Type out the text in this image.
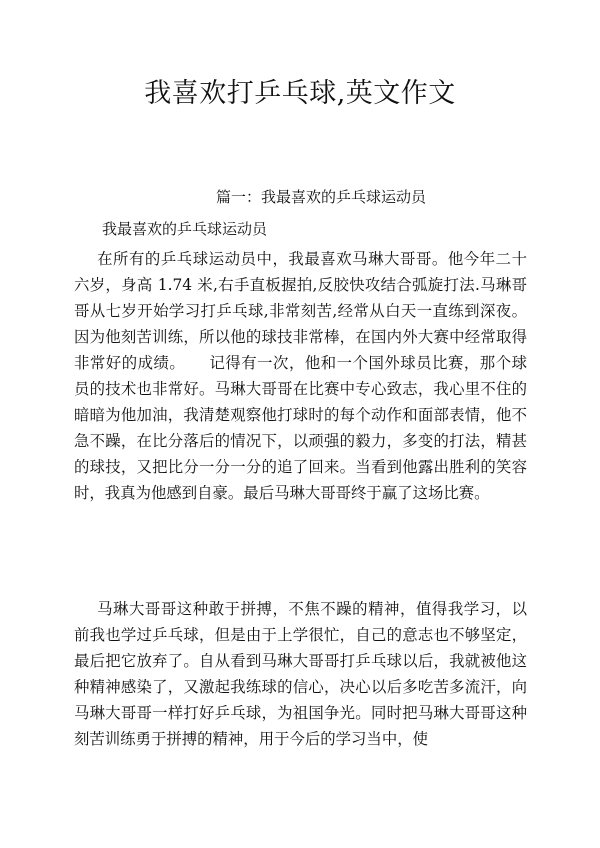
我喜欢打乒乓球,英文作文
篇一：我最喜欢的乒乓球运动员
我最喜欢的乒乓球运动员

在所有的乒乓球运动员中，我最喜欢马琳大哥哥。他今年二十六岁，身高 1.74 米,右手直板握拍,反胶快攻结合弧旋打法.马琳哥哥从七岁开始学习打乒乓球,非常刻苦,经常从白天一直练到深夜。因为他刻苦训练，所以他的球技非常棒，在国内外大赛中经常取得非常好的成绩。　　记得有一次，他和一个国外球员比赛，那个球员的技术也非常好。马琳大哥哥在比赛中专心致志，我心里不住的暗暗为他加油，我清楚观察他打球时的每个动作和面部表情，他不急不躁，在比分落后的情况下，以顽强的毅力，多变的打法，精甚的球技，又把比分一分一分的追了回来。当看到他露出胜利的笑容时，我真为他感到自豪。最后马琳大哥哥终于赢了这场比赛。

马琳大哥哥这种敢于拼搏，不焦不躁的精神，值得我学习，以前我也学过乒乓球，但是由于上学很忙，自己的意志也不够坚定，最后把它放弃了。自从看到马琳大哥哥打乒乓球以后，我就被他这种精神感染了，又激起我练球的信心，决心以后多吃苦多流汗，向马琳大哥哥一样打好乒乓球，为祖国争光。同时把马琳大哥哥这种刻苦训练勇于拼搏的精神，用于今后的学习当中，使
